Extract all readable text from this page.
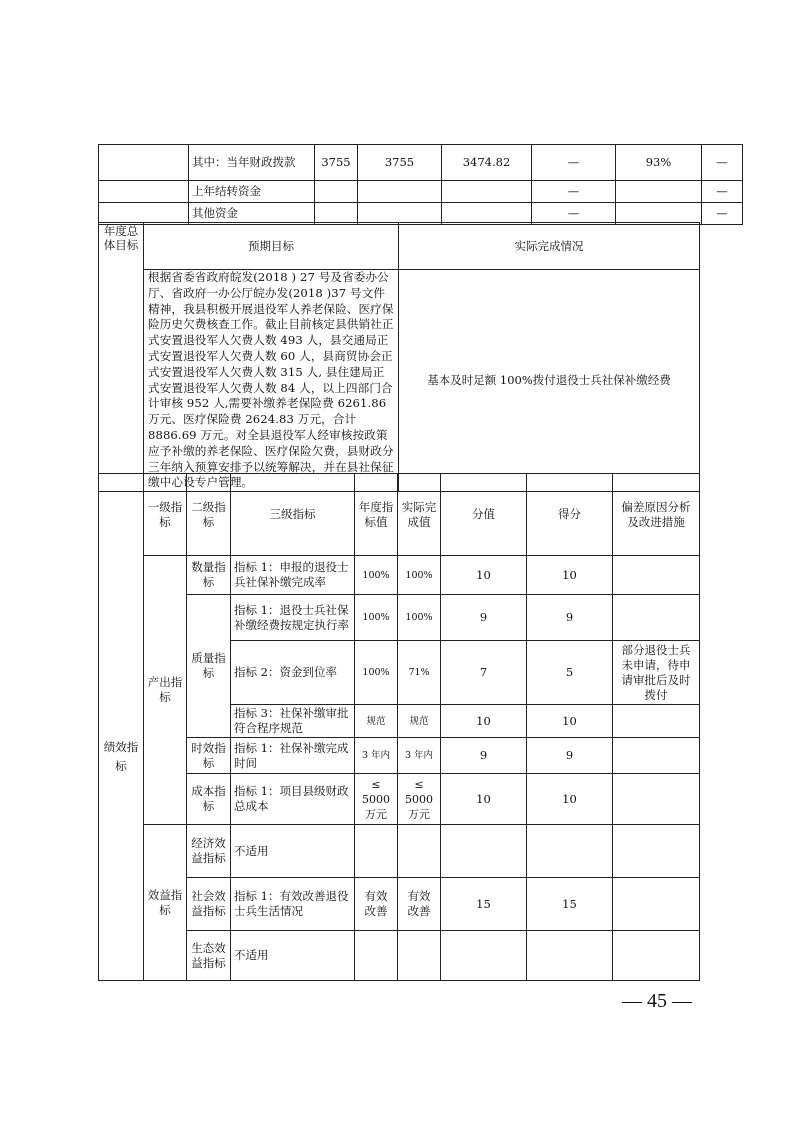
	其中：当年财政拨款	3755	3755	3474.82	—	93%	—
	上年结转资金				—		—
	其他资金				—		—
年度总体目标	预期目标	实际完成情况
	根据省委省政府皖发(2018 ) 27 号及省委办公厅、省政府一办公厅皖办发(2018 )37 号文件精神，我县积极开展退役军人养老保险、医疗保险历史欠费核查工作。截止目前核定县供销社正式安置退役军人欠费人数 493 人，县交通局正式安置退役军人欠费人数 60 人，县商贸协会正式安置退役军人欠费人数 315 人, 县住建局正式安置退役军人欠费人数 84 人，以上四部门合计审核 952 人,需要补缴养老保险费 6261.86 万元、医疗保险费 2624.83 万元，合计 8886.69 万元。对全县退役军人经审核按政策应予补缴的养老保险、医疗保险欠费，县财政分三年纳入预算安排予以统筹解决，并在县社保征缴中心设专户管理。	基本及时足额 100%拨付退役士兵社保补缴经费
绩效指标	一级指标	二级指标	三级指标	年度指标值	实际完成值	分值	得分	偏差原因分析及改进措施
	产出指标	数量指标	指标 1：申报的退役士兵社保补缴完成率	100%	100%	10	10	
		质量指标	指标 1：退役士兵社保补缴经费按规定执行率	100%	100%	9	9	
			指标 2：资金到位率	100%	71%	7	5	部分退役士兵未申请，待申请审批后及时拨付
			指标 3：社保补缴审批符合程序规范	规范	规范	10	10	
		时效指标	指标 1：社保补缴完成时间	3 年内	3 年内	9	9	
		成本指标	指标 1：项目县级财政总成本	≤ 5000 万元	≤ 5000 万元	10	10	
	效益指标	经济效益指标	不适用					
		社会效益指标	指标 1：有效改善退役士兵生活情况	有效改善	有效改善	15	15	
		生态效益指标	不适用					
— 45 —
